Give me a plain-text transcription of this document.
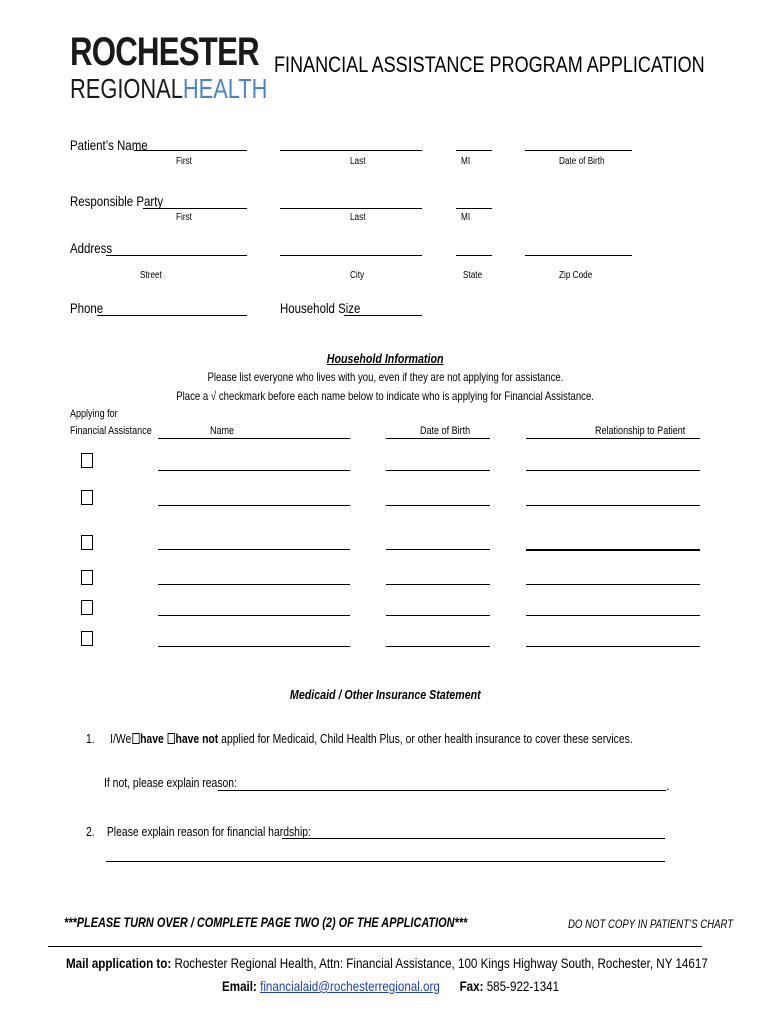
ROCHESTER
REGIONALHEALTH
FINANCIAL ASSISTANCE PROGRAM APPLICATION
Patient’s Name
First	Last	MI	Date of Birth
Responsible Party
First	Last	MI
Address
Street	City	State	Zip Code
Phone	Household Size
Household Information
Please list everyone who lives with you, even if they are not applying for assistance.
Place a √ checkmark before each name below to indicate who is applying for Financial Assistance.
Applying for
Financial Assistance	Name	Date of Birth	Relationship to Patient
Medicaid / Other Insurance Statement
1. I/We have have not applied for Medicaid, Child Health Plus, or other health insurance to cover these services.
If not, please explain reason:	.
2. Please explain reason for financial hardship:
***PLEASE TURN OVER / COMPLETE PAGE TWO (2) OF THE APPLICATION***	DO NOT COPY IN PATIENT’S CHART
Mail application to: Rochester Regional Health, Attn: Financial Assistance, 100 Kings Highway South, Rochester, NY 14617
Email: financialaid@rochesterregional.org Fax: 585-922-1341
